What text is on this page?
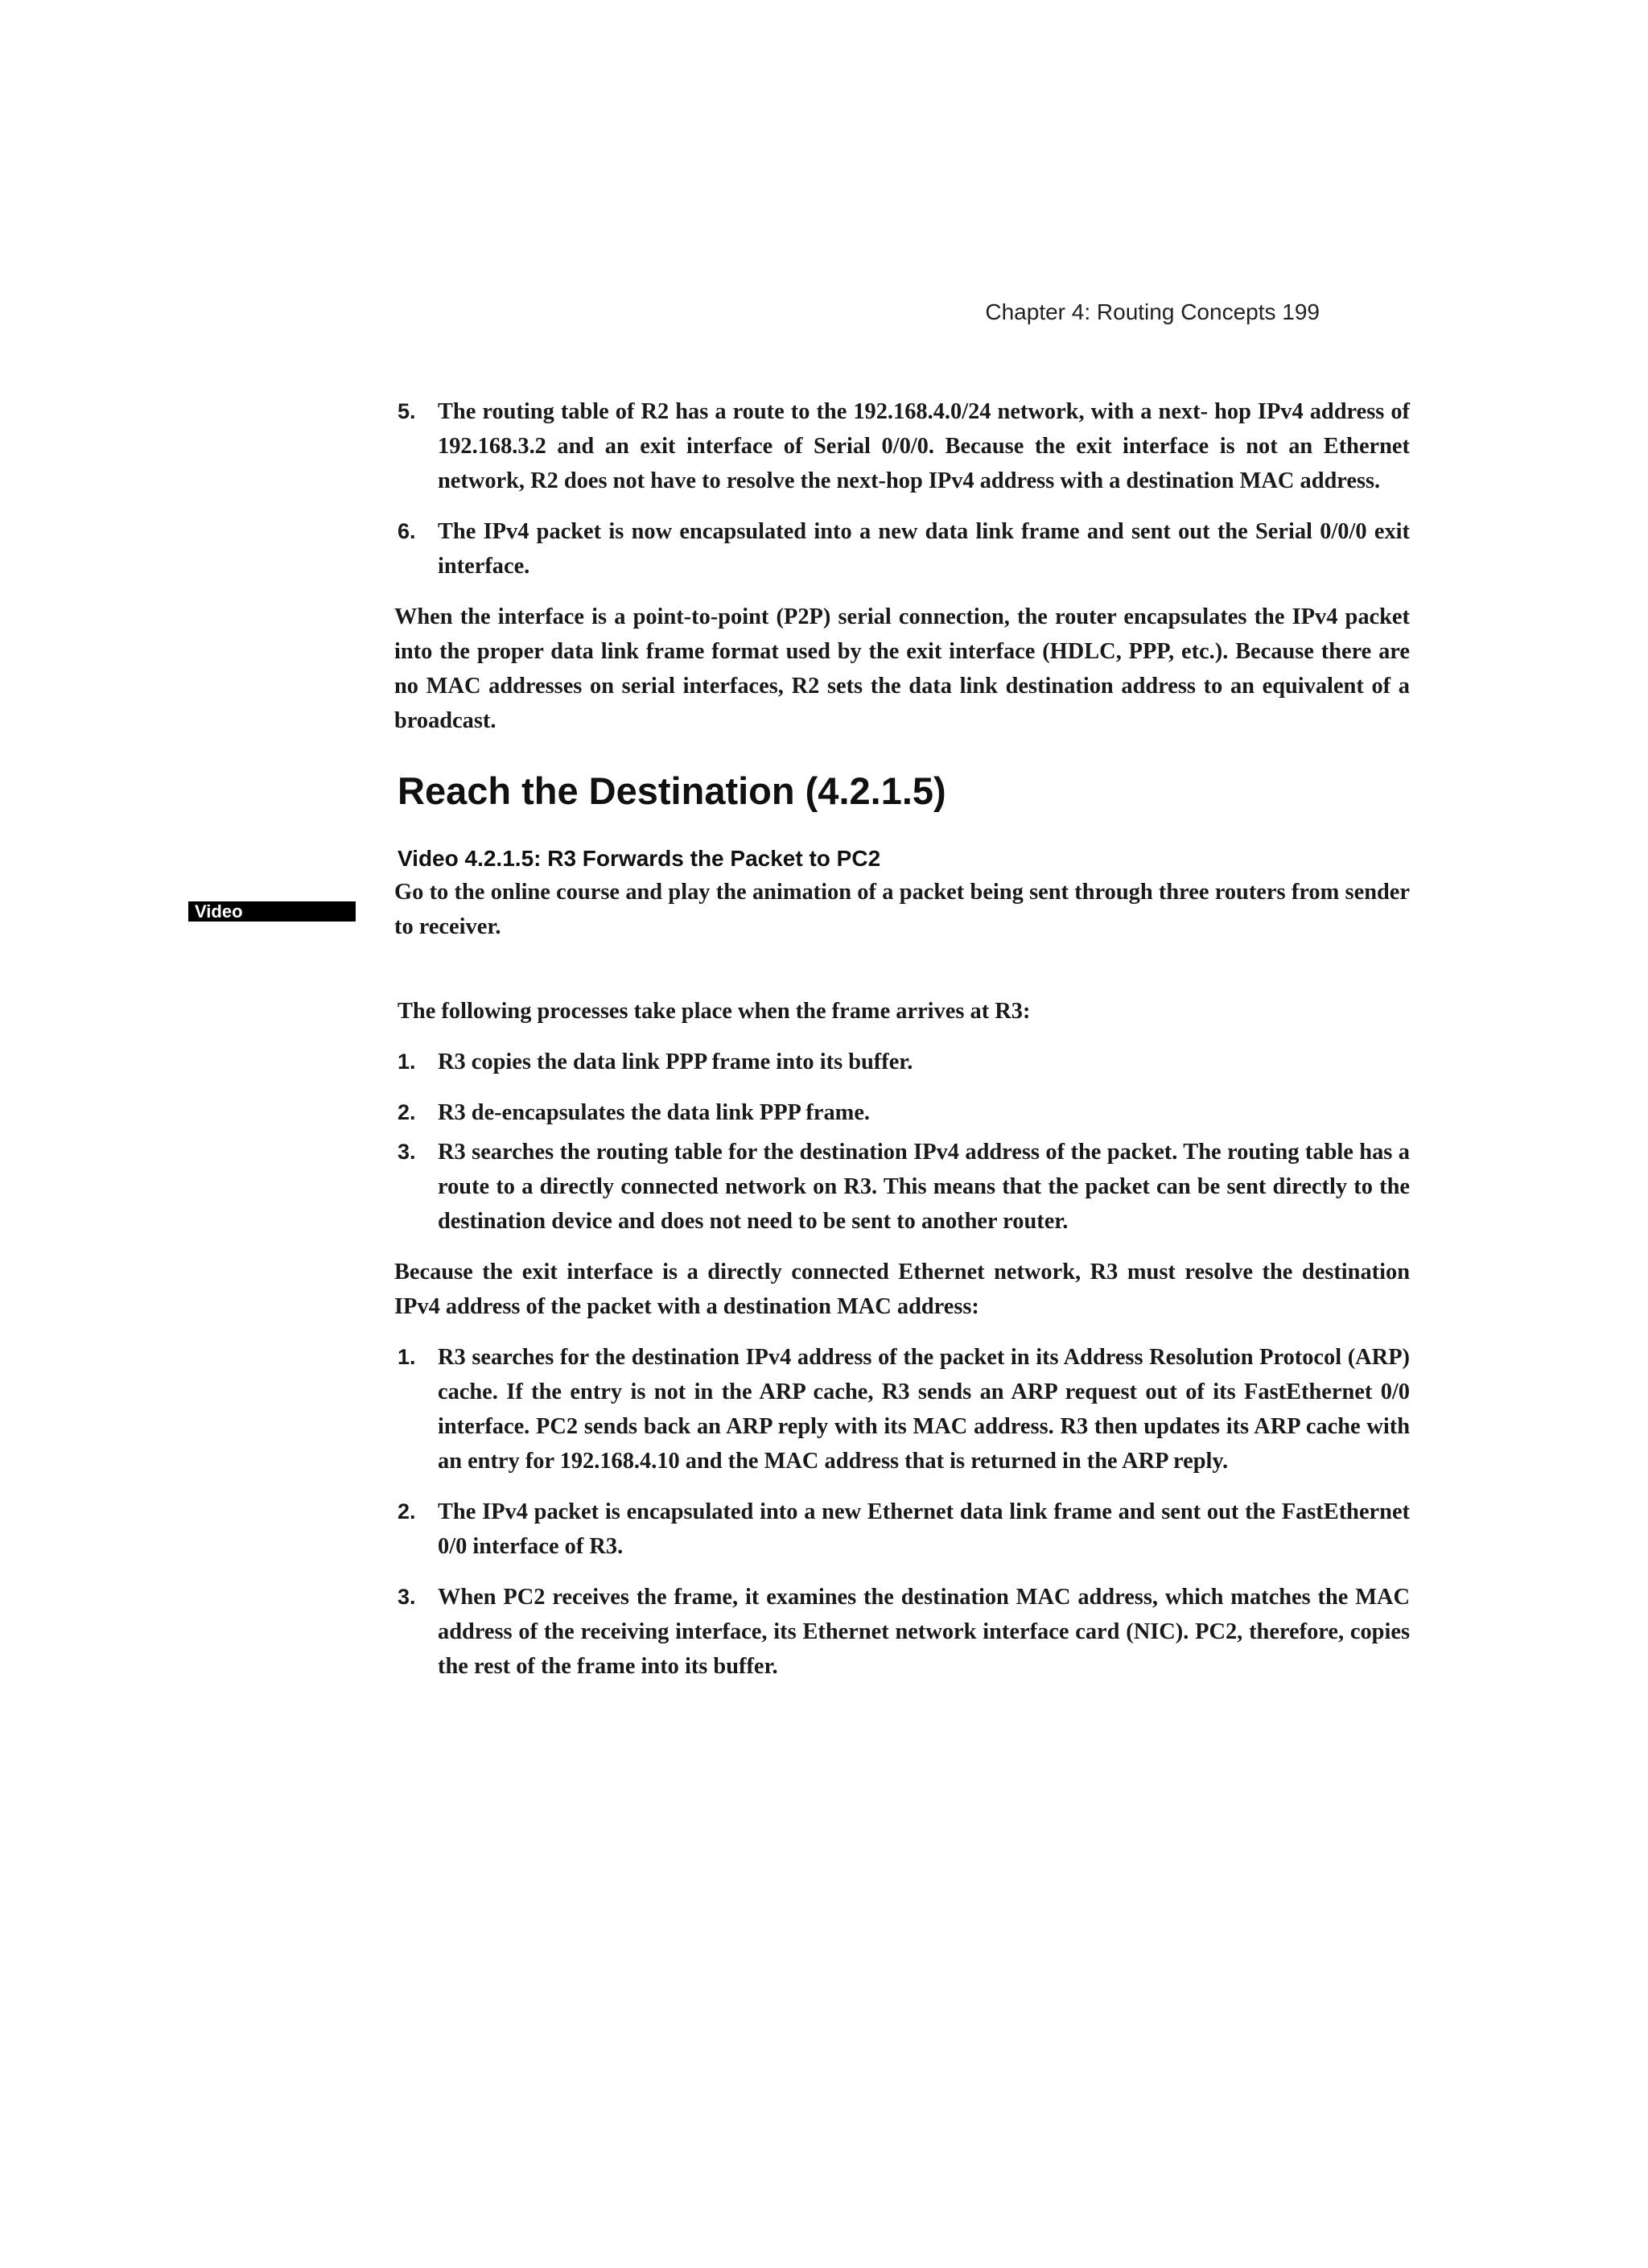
Chapter 4: Routing Concepts 199
Video
5. The routing table of R2 has a route to the 192.168.4.0/24 network, with a next- hop IPv4 address of 192.168.3.2 and an exit interface of Serial 0/0/0. Because the exit interface is not an Ethernet network, R2 does not have to resolve the next-hop IPv4 address with a destination MAC address.
6. The IPv4 packet is now encapsulated into a new data link frame and sent out the Serial 0/0/0 exit interface.

When the interface is a point-to-point (P2P) serial connection, the router encapsulates the IPv4 packet into the proper data link frame format used by the exit interface (HDLC, PPP, etc.). Because there are no MAC addresses on serial interfaces, R2 sets the data link destination address to an equivalent of a broadcast.

Reach the Destination (4.2.1.5)
Video 4.2.1.5: R3 Forwards the Packet to PC2

Go to the online course and play the animation of a packet being sent through three routers from sender to receiver.

The following processes take place when the frame arrives at R3:

1. R3 copies the data link PPP frame into its buffer.
2. R3 de-encapsulates the data link PPP frame.
3. R3 searches the routing table for the destination IPv4 address of the packet. The routing table has a route to a directly connected network on R3. This means that the packet can be sent directly to the destination device and does not need to be sent to another router.

Because the exit interface is a directly connected Ethernet network, R3 must resolve the destination IPv4 address of the packet with a destination MAC address:

1. R3 searches for the destination IPv4 address of the packet in its Address Resolution Protocol (ARP) cache. If the entry is not in the ARP cache, R3 sends an ARP request out of its FastEthernet 0/0 interface. PC2 sends back an ARP reply with its MAC address. R3 then updates its ARP cache with an entry for 192.168.4.10 and the MAC address that is returned in the ARP reply.
2. The IPv4 packet is encapsulated into a new Ethernet data link frame and sent out the FastEthernet 0/0 interface of R3.
3. When PC2 receives the frame, it examines the destination MAC address, which matches the MAC address of the receiving interface, its Ethernet network interface card (NIC). PC2, therefore, copies the rest of the frame into its buffer.
